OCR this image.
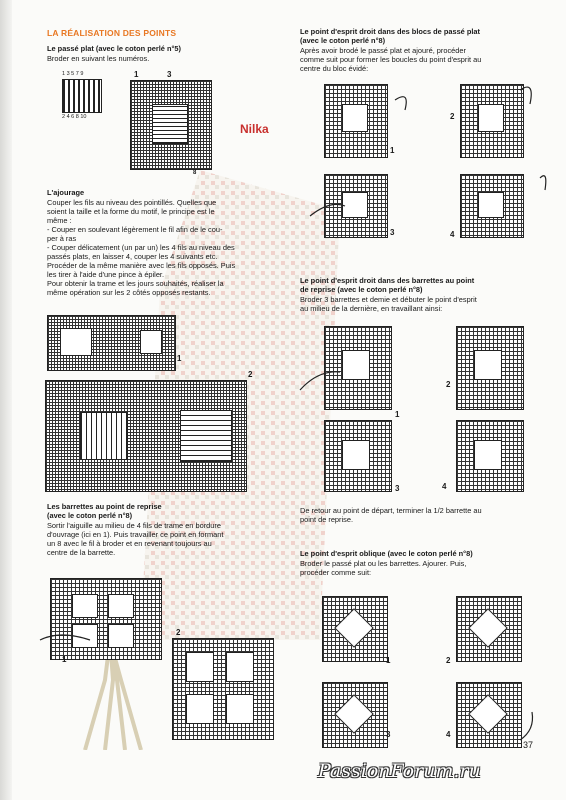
LA RÉALISATION DES POINTS
Le passé plat (avec le coton perlé n°5)
Broder en suivant les numéros.
1 3 5 7 9
2 4 6 8 10
1	3
8
Nilka
L'ajourage
Couper les fils au niveau des pointillés. Quelles que
soient la taille et la forme du motif, le principe est le
même :
- Couper en soulevant légèrement le fil afin de le cou-
per à ras
- Couper délicatement (un par un) les 4 fils au niveau des
passés plats, en laisser 4, couper les 4 suivants etc.
Procéder de la même manière avec les fils opposés. Puis
les tirer à l'aide d'une pince à épiler.
Pour obtenir la trame et les jours souhaités, réaliser la
même opération sur les 2 côtés opposés restants.
1
2
Les barrettes au point de reprise
(avec le coton perlé n°8)
Sortir l'aiguille au milieu de 4 fils de trame en bordure
d'ouvrage (ici en 1). Puis travailler ce point en formant
un 8 avec le fil à broder et en revenant toujours au
centre de la barrette.
2
1
Le point d'esprit droit dans des blocs de passé plat
(avec le coton perlé n°8)
Après avoir brodé le passé plat et ajouré, procéder
comme suit pour former les boucles du point d'esprit au
centre du bloc évidé:
1
2
3	4
Le point d'esprit droit dans des barrettes au point
de reprise (avec le coton perlé n°8)
Broder 3 barrettes et demie et débuter le point d'esprit
au milieu de la dernière, en travaillant ainsi:
1
2
3	4
De retour au point de départ, terminer la 1/2 barrette au
point de reprise.
Le point d'esprit oblique (avec le coton perlé n°8)
Broder le passé plat ou les barrettes. Ajourer. Puis,
procéder comme suit:
1	2
3	4
37
PassionForum.ru
